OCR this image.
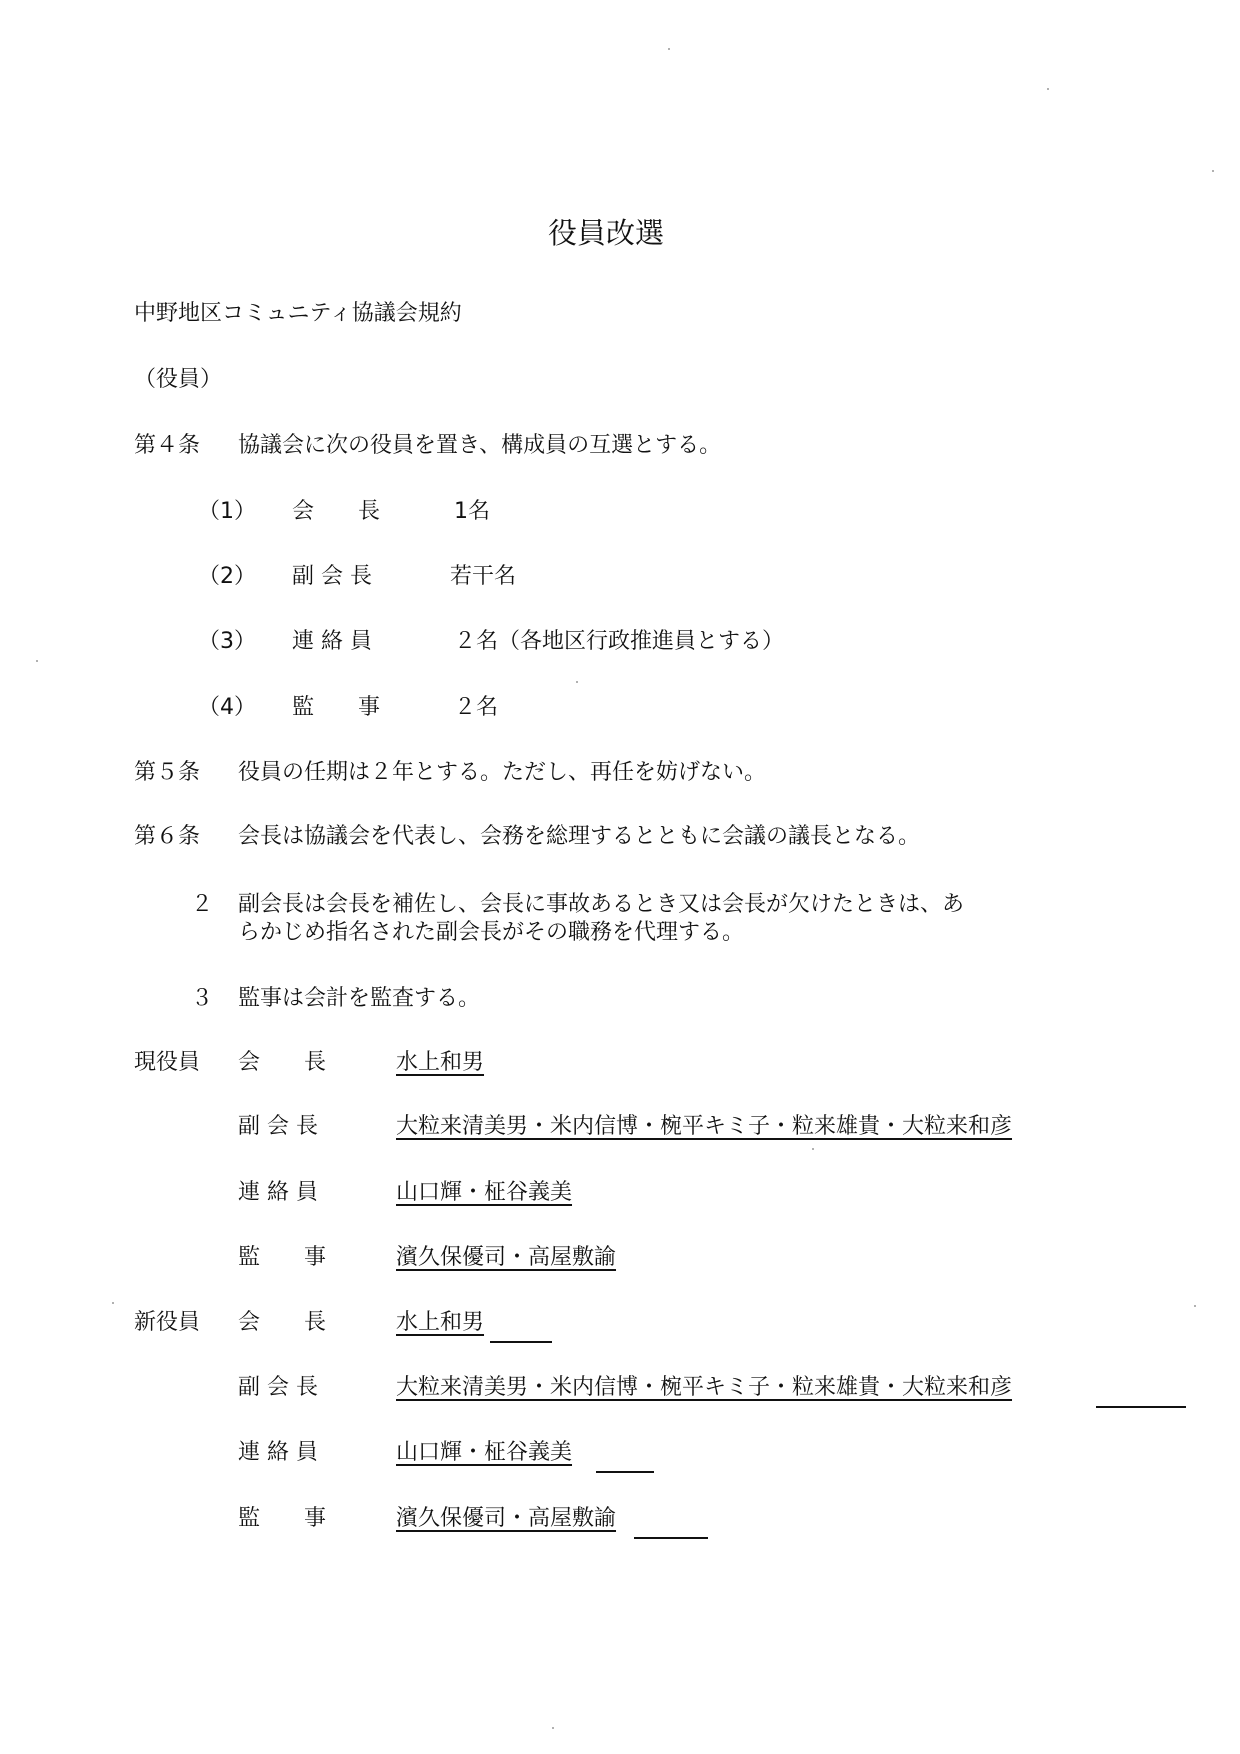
役員改選
中野地区コミュニティ協議会規約
（役員）
第４条 協議会に次の役員を置き、構成員の互選とする。
（1） 会　　長	1名
（2） 副 会 長	若干名
（3） 連 絡 員	２名（各地区行政推進員とする）
（4） 監　　事	２名
第５条 役員の任期は２年とする。ただし、再任を妨げない。
第６条 会長は協議会を代表し、会務を総理するとともに会議の議長となる。
２ 副会長は会長を補佐し、会長に事故あるとき又は会長が欠けたときは、あ
らかじめ指名された副会長がその職務を代理する。
３ 監事は会計を監査する。
現役員 会　　長	水上和男
副 会 長	大粒来清美男・米内信博・椀平キミ子・粒来雄貴・大粒来和彦
連 絡 員	山口輝・柾谷義美
監　　事	濱久保優司・高屋敷諭
新役員 会　　長	水上和男
副 会 長	大粒来清美男・米内信博・椀平キミ子・粒来雄貴・大粒来和彦
連 絡 員	山口輝・柾谷義美
監　　事	濱久保優司・高屋敷諭
